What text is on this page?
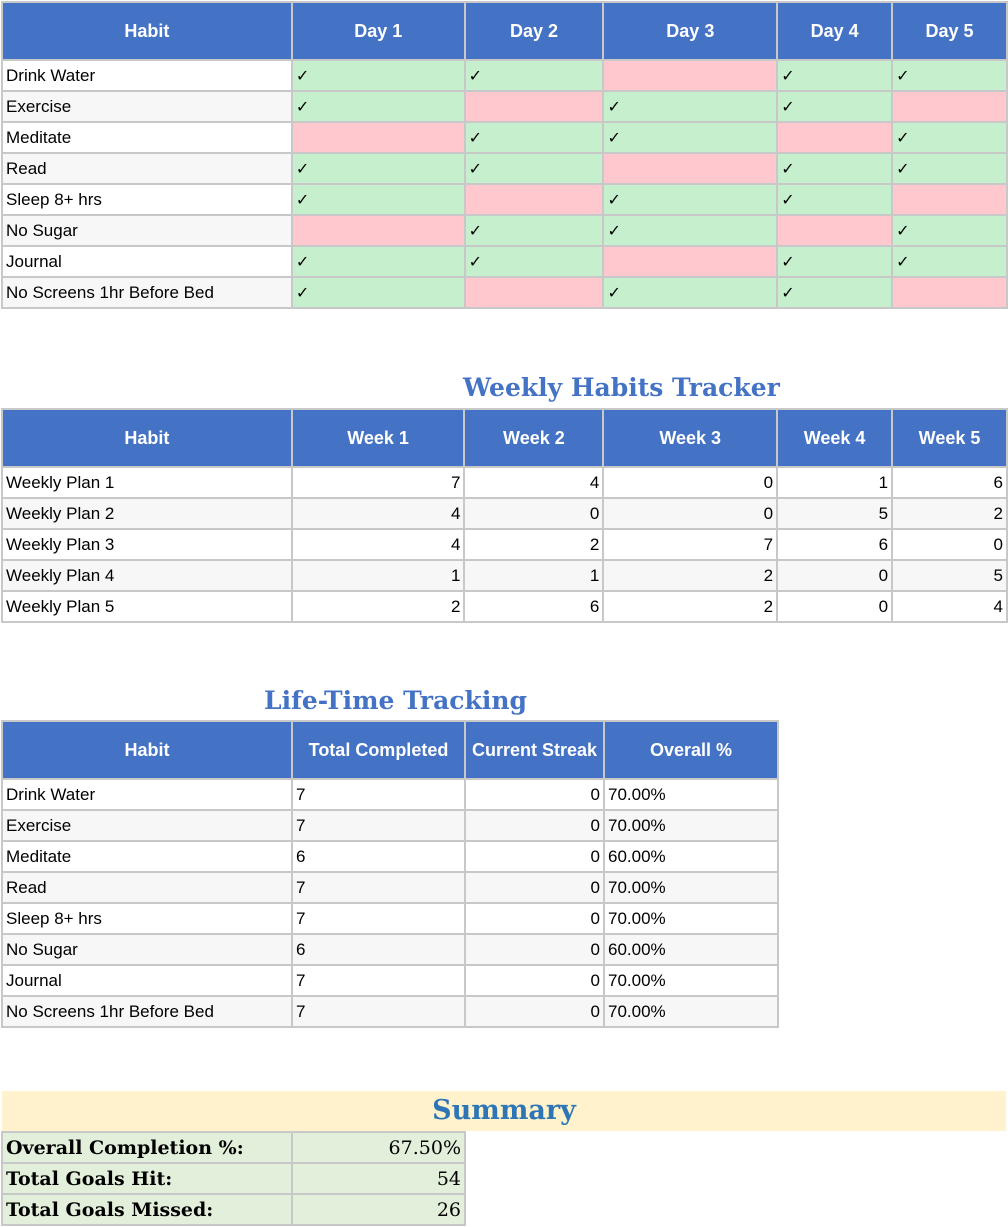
Habit	Day 1	Day 2	Day 3	Day 4	Day 5
Drink Water	✓	✓		✓	✓
Exercise	✓		✓	✓	
Meditate		✓	✓		✓
Read	✓	✓		✓	✓
Sleep 8+ hrs	✓		✓	✓	
No Sugar		✓	✓		✓
Journal	✓	✓		✓	✓
No Screens 1hr Before Bed	✓		✓	✓	
Weekly Habits Tracker
Habit	Week 1	Week 2	Week 3	Week 4	Week 5
Weekly Plan 1	7	4	0	1	6
Weekly Plan 2	4	0	0	5	2
Weekly Plan 3	4	2	7	6	0
Weekly Plan 4	1	1	2	0	5
Weekly Plan 5	2	6	2	0	4
Life-Time Tracking
Habit	Total Completed	Current Streak	Overall %
Drink Water	7	0	70.00%
Exercise	7	0	70.00%
Meditate	6	0	60.00%
Read	7	0	70.00%
Sleep 8+ hrs	7	0	70.00%
No Sugar	6	0	60.00%
Journal	7	0	70.00%
No Screens 1hr Before Bed	7	0	70.00%
Summary
Overall Completion %:	67.50%
Total Goals Hit:	54
Total Goals Missed:	26
